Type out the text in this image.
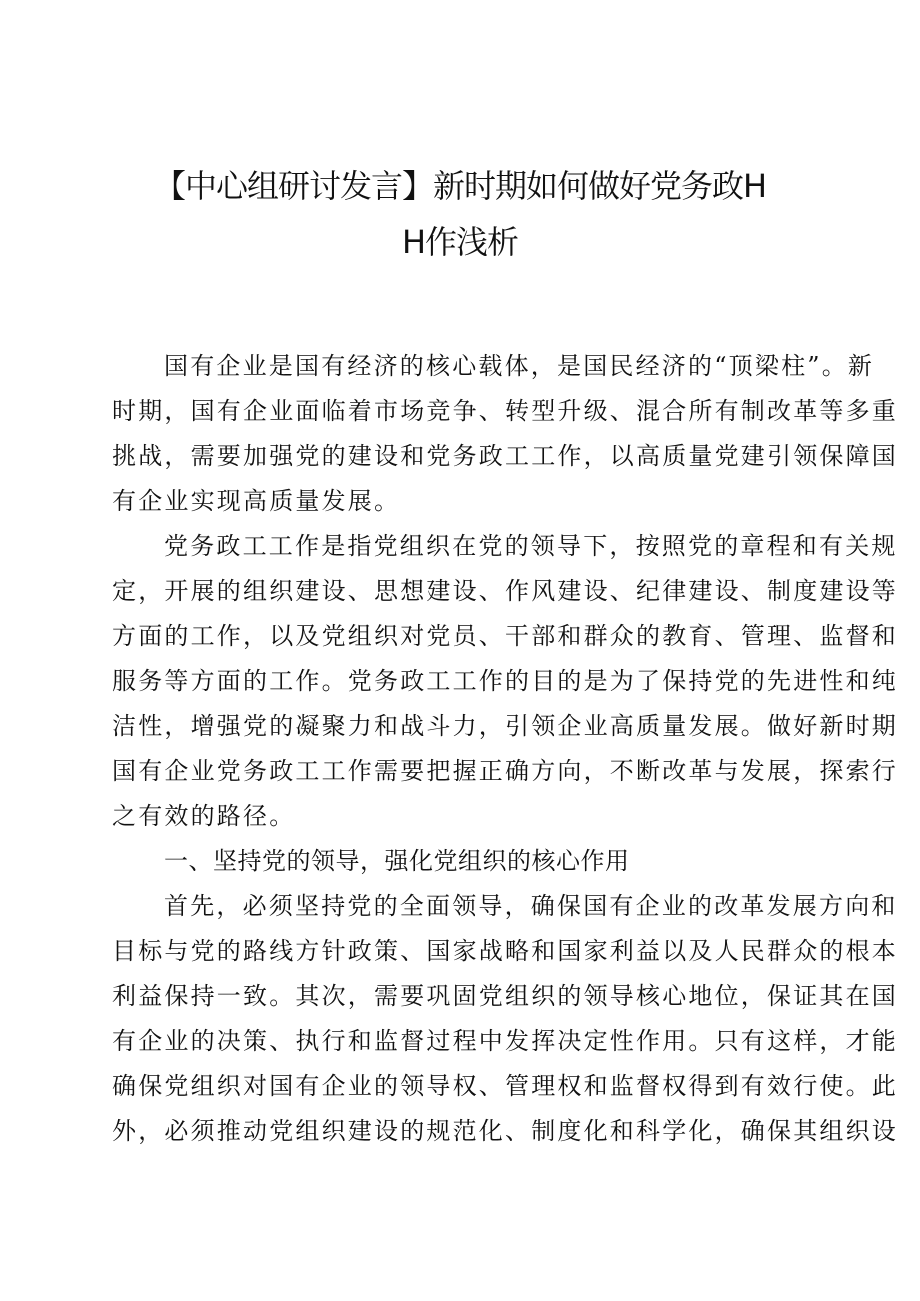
【中心组研讨发言】新时期如何做好党务政H
H作浅析

国有企业是国有经济的核心载体，是国民经济的“顶梁柱”。新
时期，国有企业面临着市场竞争、转型升级、混合所有制改革等多重
挑战，需要加强党的建设和党务政工工作，以高质量党建引领保障国
有企业实现高质量发展。

党务政工工作是指党组织在党的领导下，按照党的章程和有关规
定，开展的组织建设、思想建设、作风建设、纪律建设、制度建设等
方面的工作，以及党组织对党员、干部和群众的教育、管理、监督和
服务等方面的工作。党务政工工作的目的是为了保持党的先进性和纯
洁性，增强党的凝聚力和战斗力，引领企业高质量发展。做好新时期
国有企业党务政工工作需要把握正确方向，不断改革与发展，探索行
之有效的路径。

一、坚持党的领导，强化党组织的核心作用

首先，必须坚持党的全面领导，确保国有企业的改革发展方向和
目标与党的路线方针政策、国家战略和国家利益以及人民群众的根本
利益保持一致。其次，需要巩固党组织的领导核心地位，保证其在国
有企业的决策、执行和监督过程中发挥决定性作用。只有这样，才能
确保党组织对国有企业的领导权、管理权和监督权得到有效行使。此
外，必须推动党组织建设的规范化、制度化和科学化，确保其组织设
